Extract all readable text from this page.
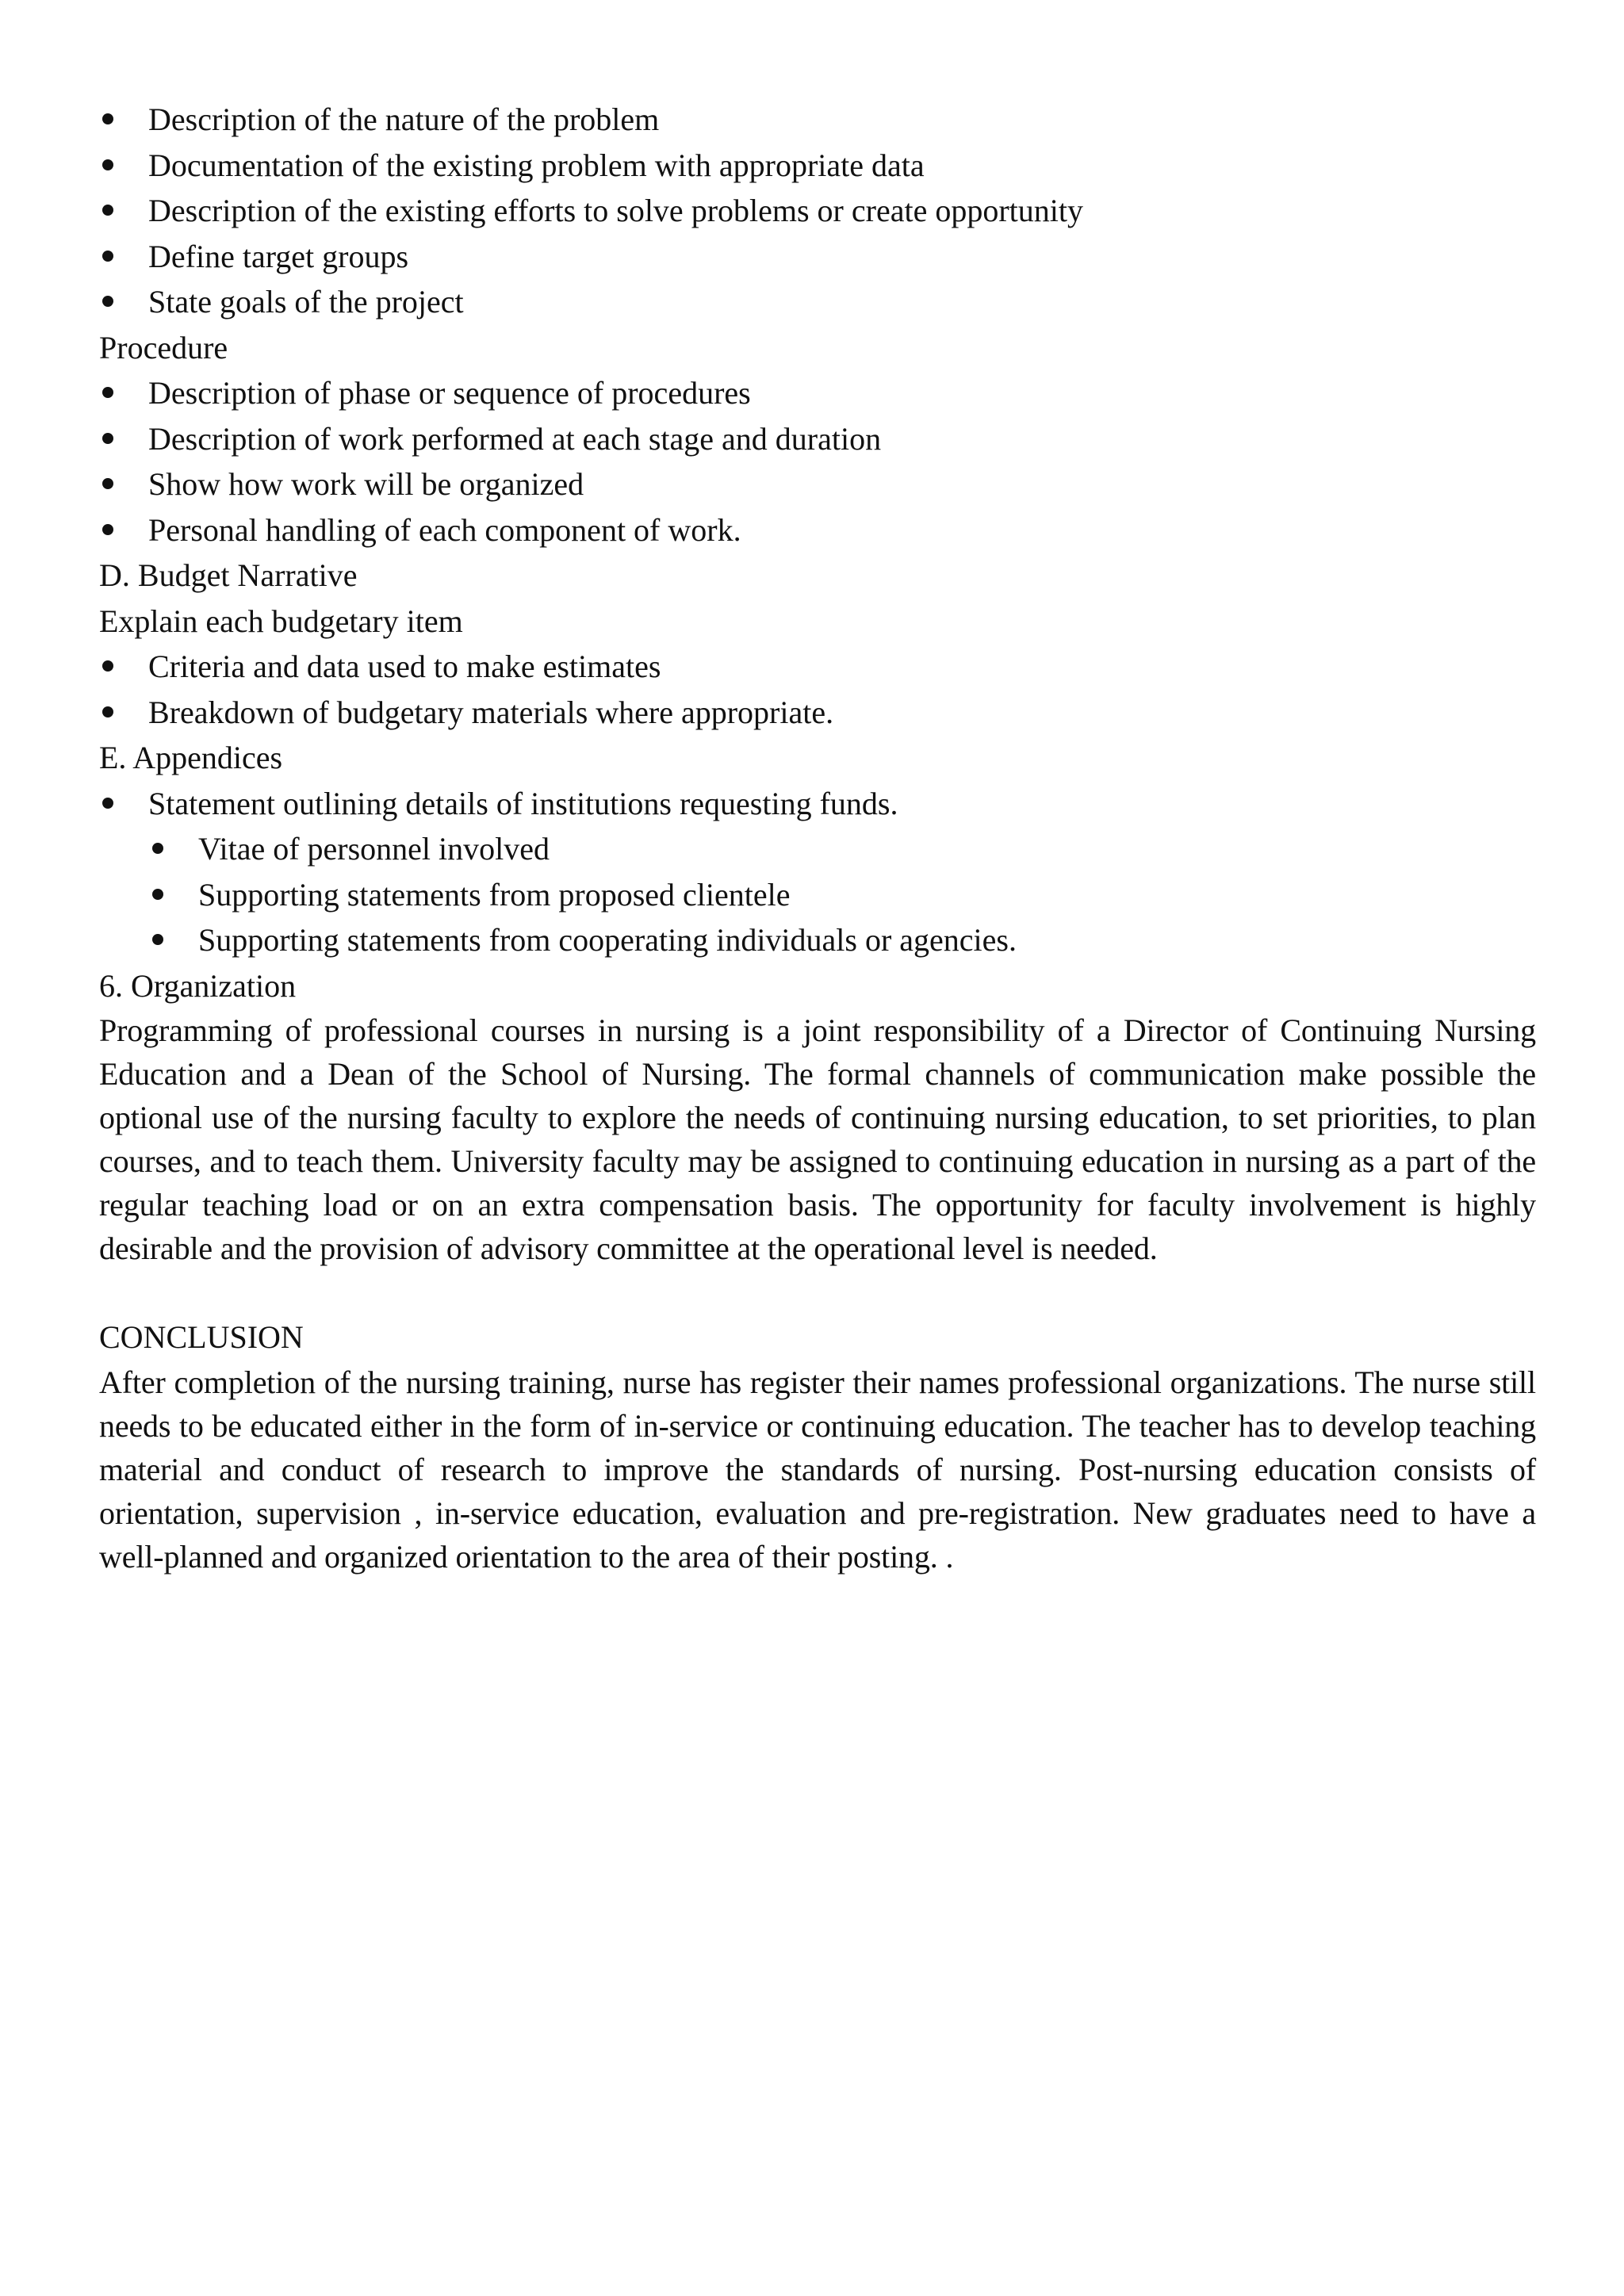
Description of the nature of the problem
Documentation of the existing problem with appropriate data
Description of the existing efforts to solve problems or create opportunity
Define target groups
State goals of the project

Procedure

Description of phase or sequence of procedures
Description of work performed at each stage and duration
Show how work will be organized
Personal handling of each component of work.

D. Budget Narrative

Explain each budgetary item

Criteria and data used to make estimates
Breakdown of budgetary materials where appropriate.

E. Appendices

Statement outlining details of institutions requesting funds.
Vitae of personnel involved
Supporting statements from proposed clientele
Supporting statements from cooperating individuals or agencies.

6. Organization

Programming of professional courses in nursing is a joint responsibility of a Director of Continuing Nursing Education and a Dean of the School of Nursing. The formal channels of communication make possible the optional use of the nursing faculty to explore the needs of continuing nursing education, to set priorities, to plan courses, and to teach them. University faculty may be assigned to continuing education in nursing as a part of the regular teaching load or on an extra compensation basis. The opportunity for faculty involvement is highly desirable and the provision of advisory committee at the operational level is needed.

CONCLUSION

After completion of the nursing training, nurse has register their names professional organizations. The nurse still needs to be educated either in the form of in-service or continuing education. The teacher has to develop teaching material and conduct of research to improve the standards of nursing. Post-nursing education consists of orientation, supervision , in-service education, evaluation and pre-registration. New graduates need to have a well-planned and organized orientation to the area of their posting. .
